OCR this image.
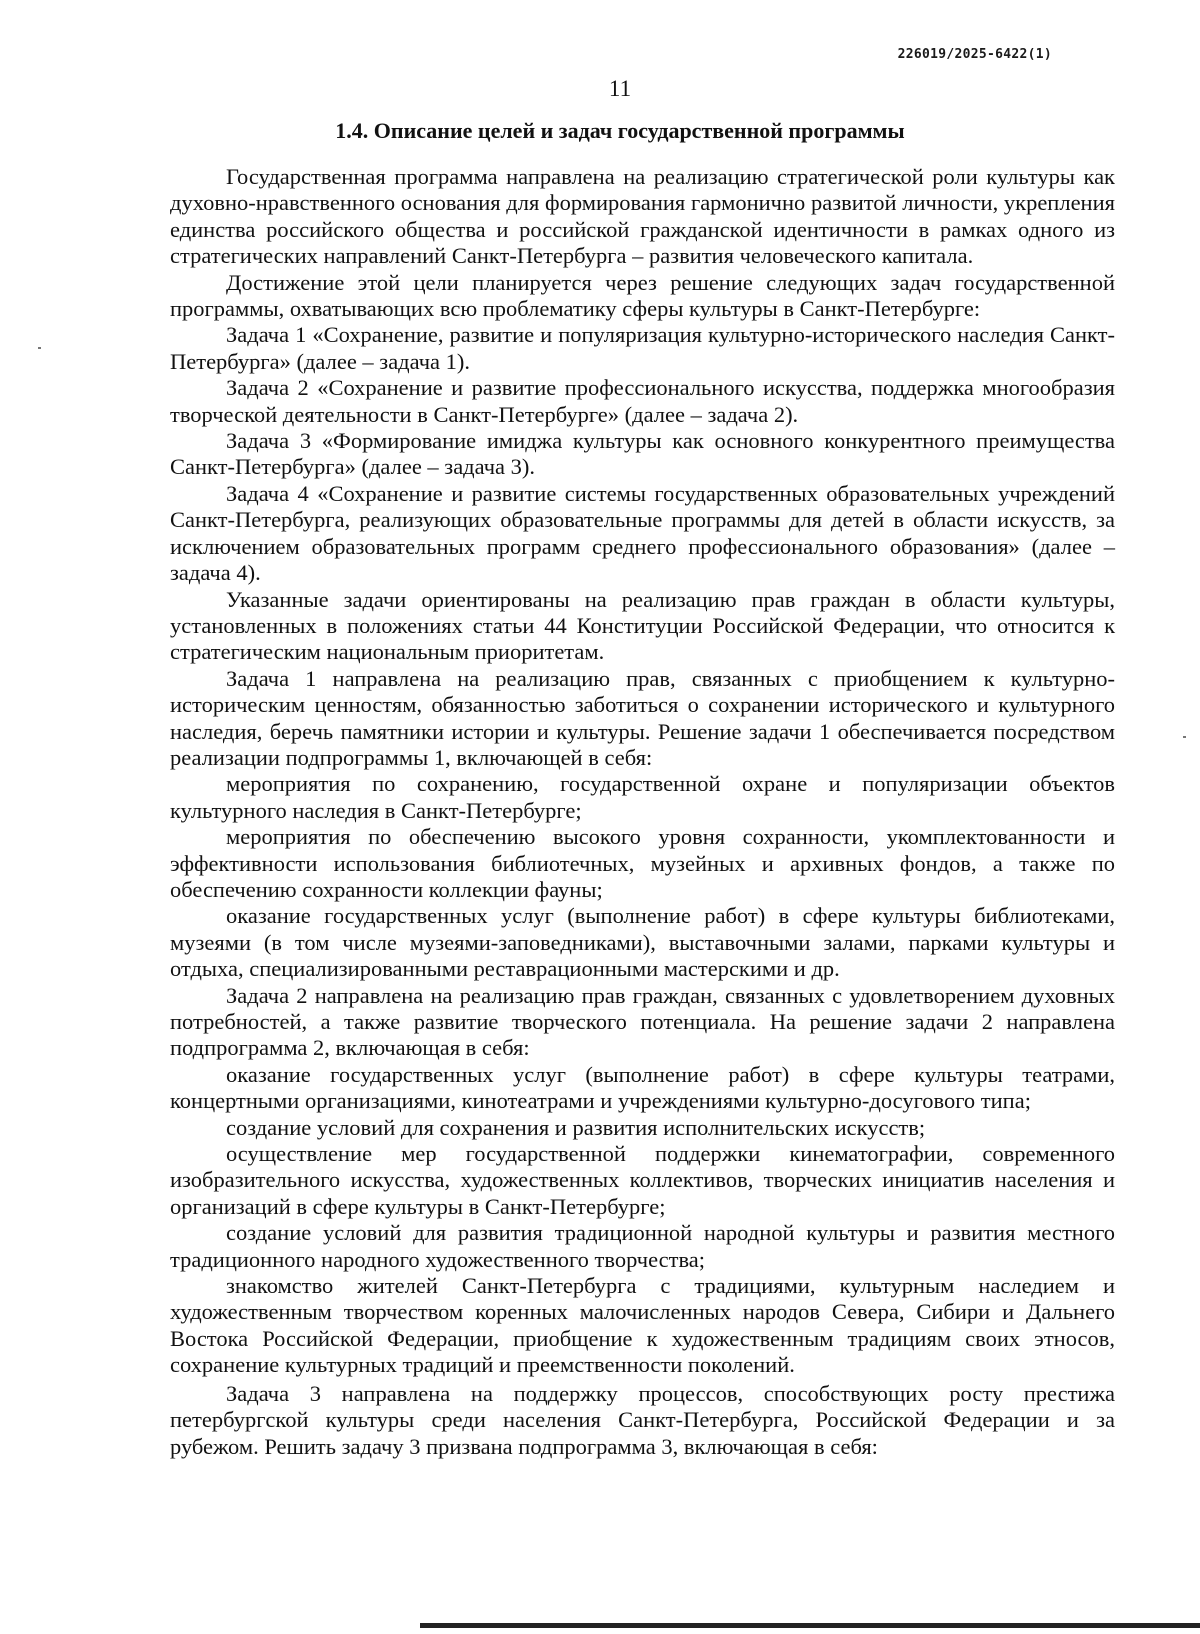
226019/2025-6422(1)
11
1.4. Описание целей и задач государственной программы

Государственная программа направлена на реализацию стратегической роли культуры как духовно-нравственного основания для формирования гармонично развитой личности, укрепления единства российского общества и российской гражданской идентичности в рамках одного из стратегических направлений Санкт-Петербурга – развития человеческого капитала.

Достижение этой цели планируется через решение следующих задач государственной программы, охватывающих всю проблематику сферы культуры в Санкт-Петербурге:

Задача 1 «Сохранение, развитие и популяризация культурно-исторического наследия Санкт-Петербурга» (далее – задача 1).

Задача 2 «Сохранение и развитие профессионального искусства, поддержка многообразия творческой деятельности в Санкт-Петербурге» (далее – задача 2).

Задача 3 «Формирование имиджа культуры как основного конкурентного преимущества Санкт-Петербурга» (далее – задача 3).

Задача 4 «Сохранение и развитие системы государственных образовательных учреждений Санкт-Петербурга, реализующих образовательные программы для детей в области искусств, за исключением образовательных программ среднего профессионального образования» (далее – задача 4).

Указанные задачи ориентированы на реализацию прав граждан в области культуры, установленных в положениях статьи 44 Конституции Российской Федерации, что относится к стратегическим национальным приоритетам.

Задача 1 направлена на реализацию прав, связанных с приобщением к культурно-историческим ценностям, обязанностью заботиться о сохранении исторического и культурного наследия, беречь памятники истории и культуры. Решение задачи 1 обеспечивается посредством реализации подпрограммы 1, включающей в себя:

мероприятия по сохранению, государственной охране и популяризации объектов культурного наследия в Санкт-Петербурге;

мероприятия по обеспечению высокого уровня сохранности, укомплектованности и эффективности использования библиотечных, музейных и архивных фондов, а также по обеспечению сохранности коллекции фауны;

оказание государственных услуг (выполнение работ) в сфере культуры библиотеками, музеями (в том числе музеями-заповедниками), выставочными залами, парками культуры и отдыха, специализированными реставрационными мастерскими и др.

Задача 2 направлена на реализацию прав граждан, связанных с удовлетворением духовных потребностей, а также развитие творческого потенциала. На решение задачи 2 направлена подпрограмма 2, включающая в себя:

оказание государственных услуг (выполнение работ) в сфере культуры театрами, концертными организациями, кинотеатрами и учреждениями культурно-досугового типа;

создание условий для сохранения и развития исполнительских искусств;

осуществление мер государственной поддержки кинематографии, современного изобразительного искусства, художественных коллективов, творческих инициатив населения и организаций в сфере культуры в Санкт-Петербурге;

создание условий для развития традиционной народной культуры и развития местного традиционного народного художественного творчества;

знакомство жителей Санкт-Петербурга с традициями, культурным наследием и художественным творчеством коренных малочисленных народов Севера, Сибири и Дальнего Востока Российской Федерации, приобщение к художественным традициям своих этносов, сохранение культурных традиций и преемственности поколений.

Задача 3 направлена на поддержку процессов, способствующих росту престижа петербургской культуры среди населения Санкт-Петербурга, Российской Федерации и за рубежом. Решить задачу 3 призвана подпрограмма 3, включающая в себя:
